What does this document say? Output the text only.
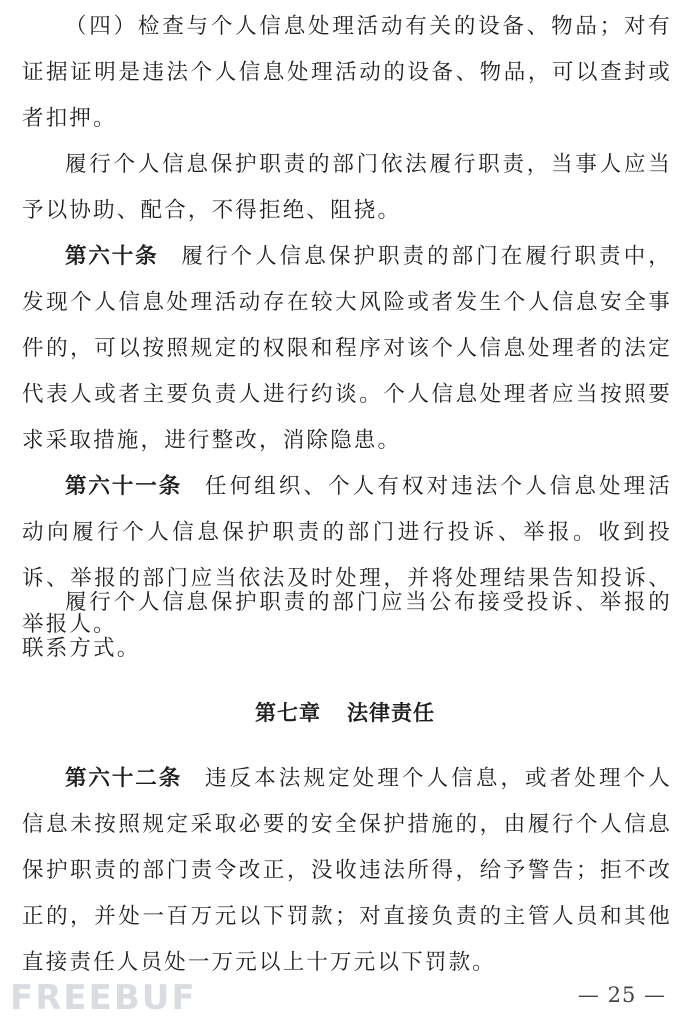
（四）检查与个人信息处理活动有关的设备、物品；对有证据证明是违法个人信息处理活动的设备、物品，可以查封或者扣押。

履行个人信息保护职责的部门依法履行职责，当事人应当予以协助、配合，不得拒绝、阻挠。

第六十条 履行个人信息保护职责的部门在履行职责中，发现个人信息处理活动存在较大风险或者发生个人信息安全事件的，可以按照规定的权限和程序对该个人信息处理者的法定代表人或者主要负责人进行约谈。个人信息处理者应当按照要求采取措施，进行整改，消除隐患。

第六十一条 任何组织、个人有权对违法个人信息处理活动向履行个人信息保护职责的部门进行投诉、举报。收到投诉、举报的部门应当依法及时处理，并将处理结果告知投诉、举报人。

履行个人信息保护职责的部门应当公布接受投诉、举报的联系方式。

第七章 法律责任

第六十二条 违反本法规定处理个人信息，或者处理个人信息未按照规定采取必要的安全保护措施的，由履行个人信息保护职责的部门责令改正，没收违法所得，给予警告；拒不改正的，并处一百万元以下罚款；对直接负责的主管人员和其他直接责任人员处一万元以上十万元以下罚款。

FREEBUF	— 25 —
